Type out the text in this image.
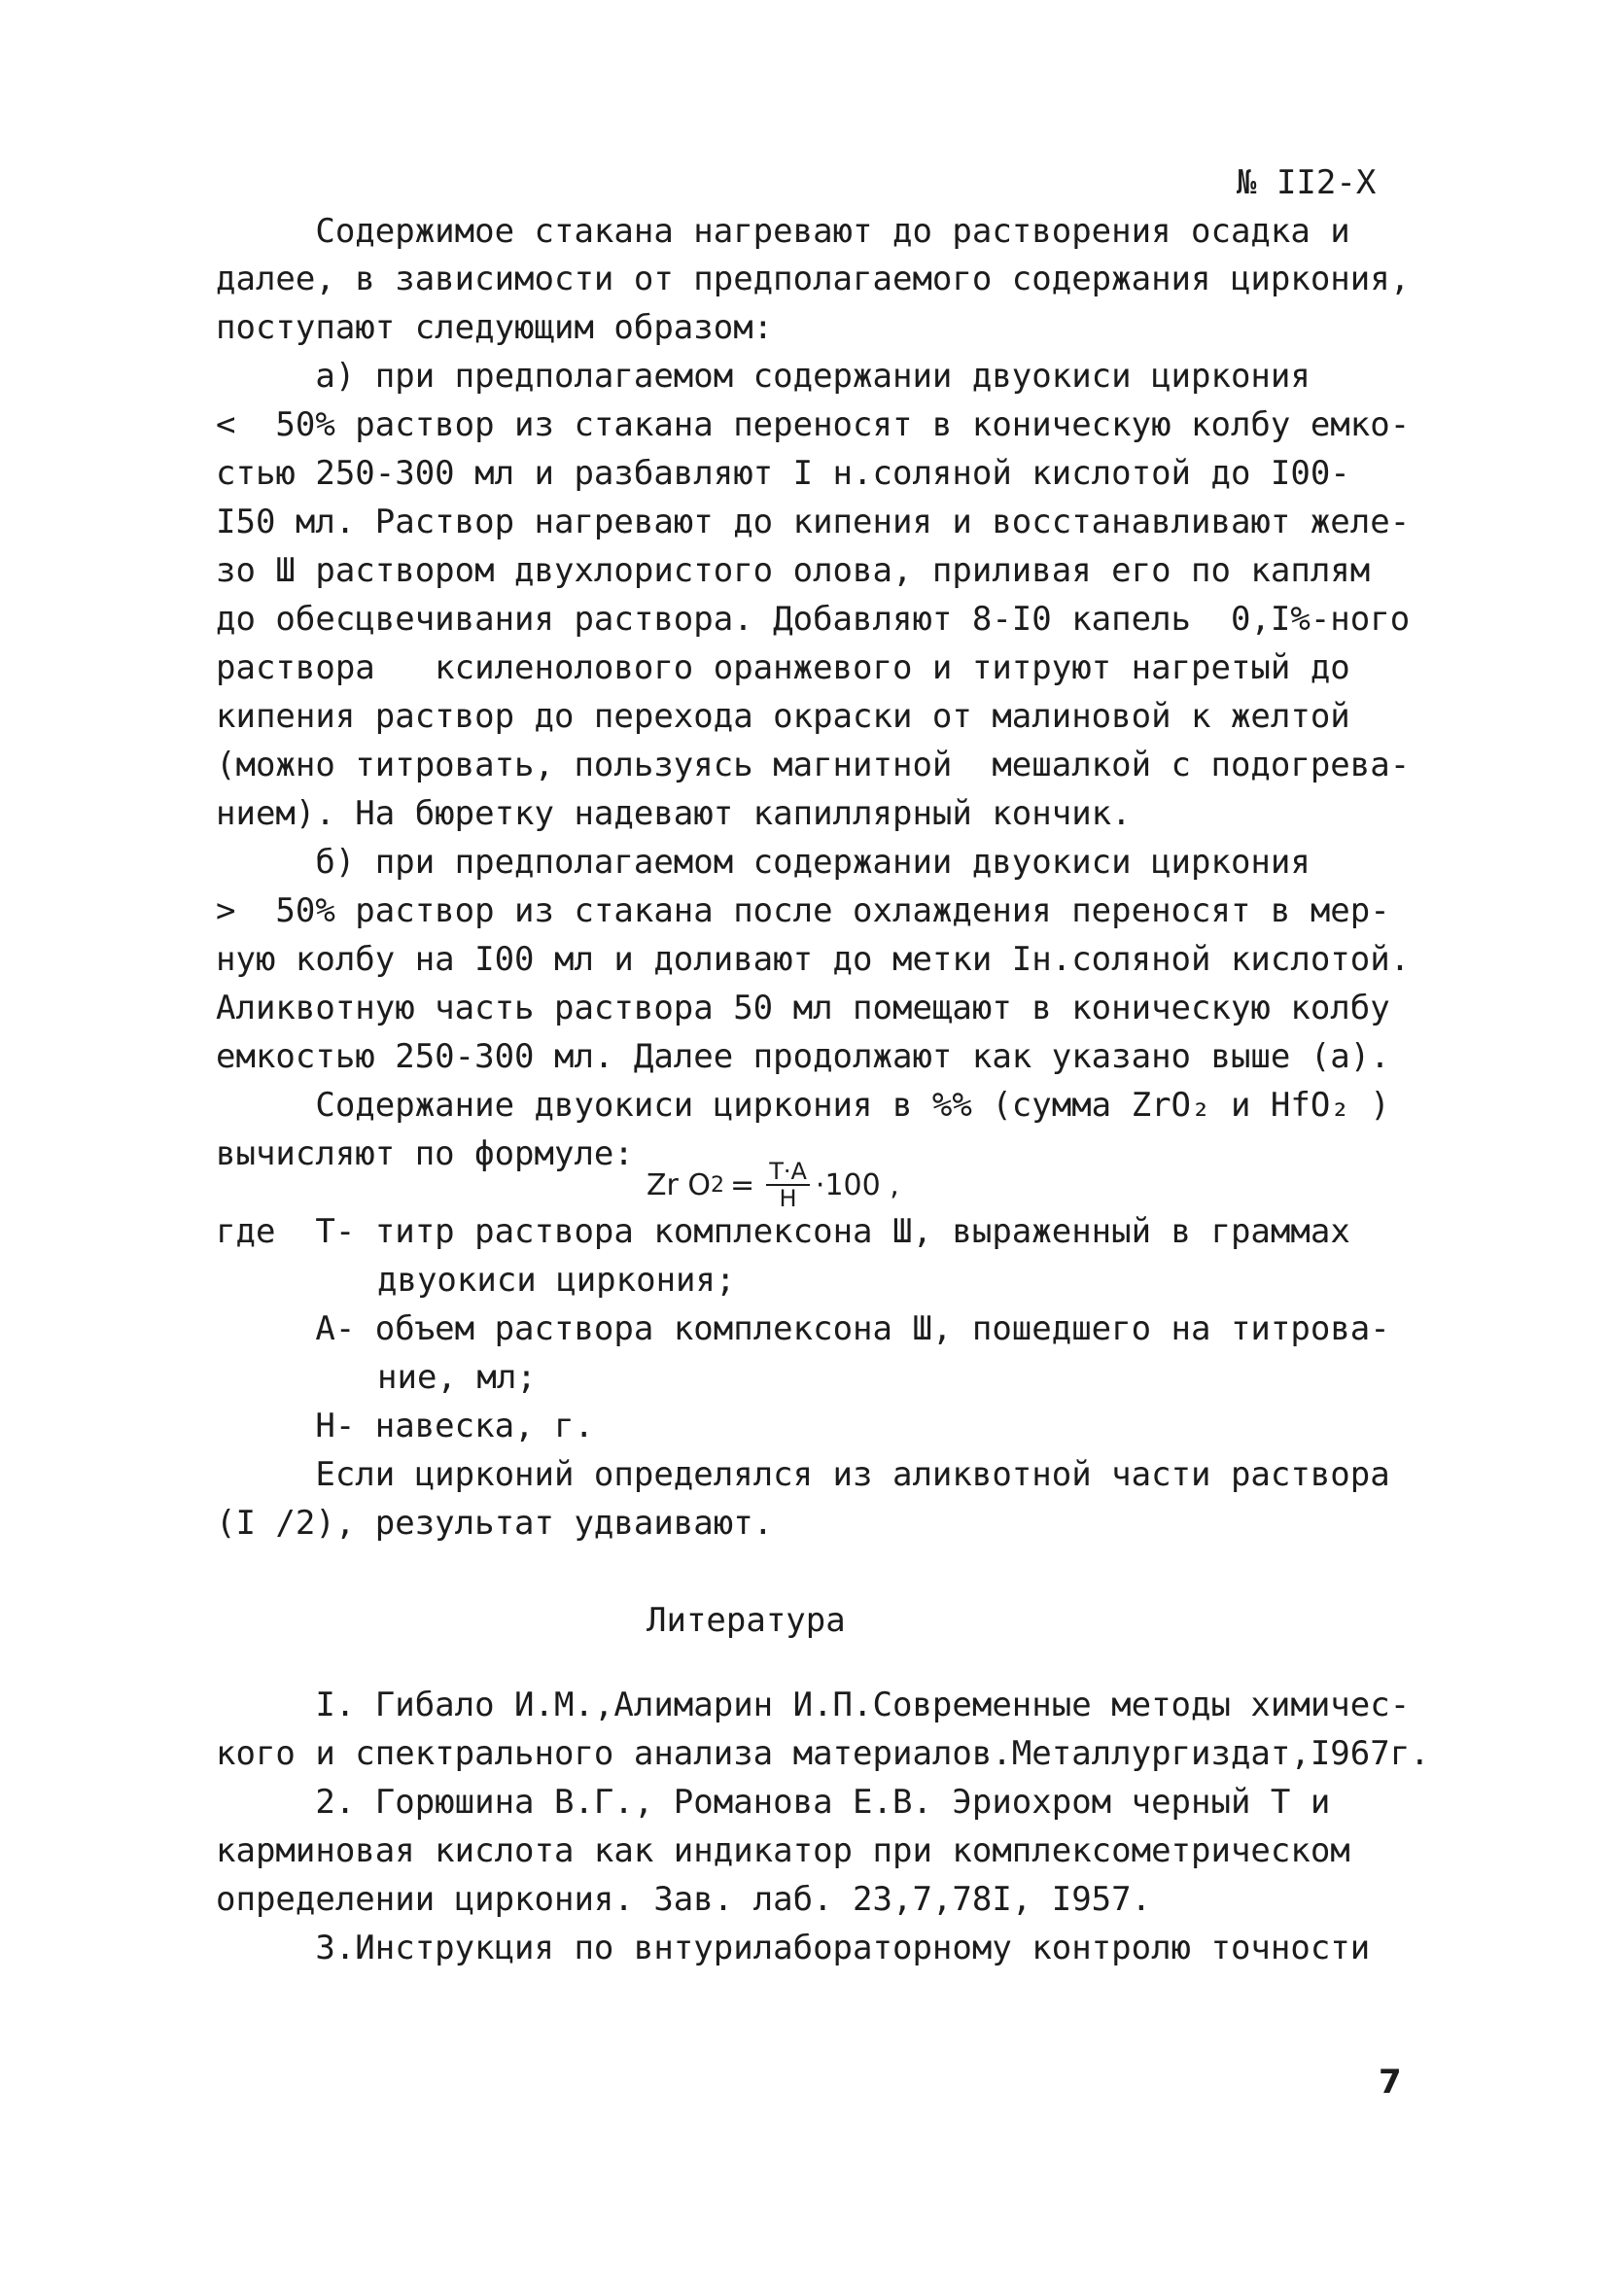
№ II2-X
Содержимое стакана нагревают до растворения осадка и
далее, в зависимости от предполагаемого содержания циркония,
поступают следующим образом:
а) при предполагаемом содержании двуокиси циркония
<  50% раствор из стакана переносят в коническую колбу емко-
стью 250-300 мл и разбавляют I н.соляной кислотой до I00-
I50 мл. Раствор нагревают до кипения и восстанавливают желе-
зо Ш раствором двухлористого олова, приливая его по каплям
до обесцвечивания раствора. Добавляют 8-I0 капель  0,I%-ного
раствора   ксиленолового оранжевого и титруют нагретый до
кипения раствор до перехода окраски от малиновой к желтой
(можно титровать, пользуясь магнитной  мешалкой с подогрева-
нием). На бюретку надевают капиллярный кончик.
б) при предполагаемом содержании двуокиси циркония
>  50% раствор из стакана после охлаждения переносят в мер-
ную колбу на I00 мл и доливают до метки Iн.соляной кислотой.
Аликвотную часть раствора 50 мл помещают в коническую колбу
емкостью 250-300 мл. Далее продолжают как указано выше (а).
Содержание двуокиси циркония в %% (сумма ZrO₂ и HfO₂ )
вычисляют по формуле:
Zr O $2 = \frac{T\cdot A}{H} \cdot 100$ ,
где  Т- титр раствора комплексона Ш, выраженный в граммах
двуокиси циркония;
А- объем раствора комплексона Ш, пошедшего на титрова-
ние, мл;
Н- навеска, г.
Если цирконий определялся из аликвотной части раствора
(I /2), результат удваивают.
Литература
I. Гибало И.М.,Алимарин И.П.Современные методы химичес-
кого и спектрального анализа материалов.Металлургиздат,I967г.
2. Горюшина В.Г., Романова Е.В. Эриохром черный Т и
карминовая кислота как индикатор при комплексометрическом
определении циркония. Зав. лаб. 23,7,78I, I957.
3.Инструкция по внтурилабораторному контролю точности
7
